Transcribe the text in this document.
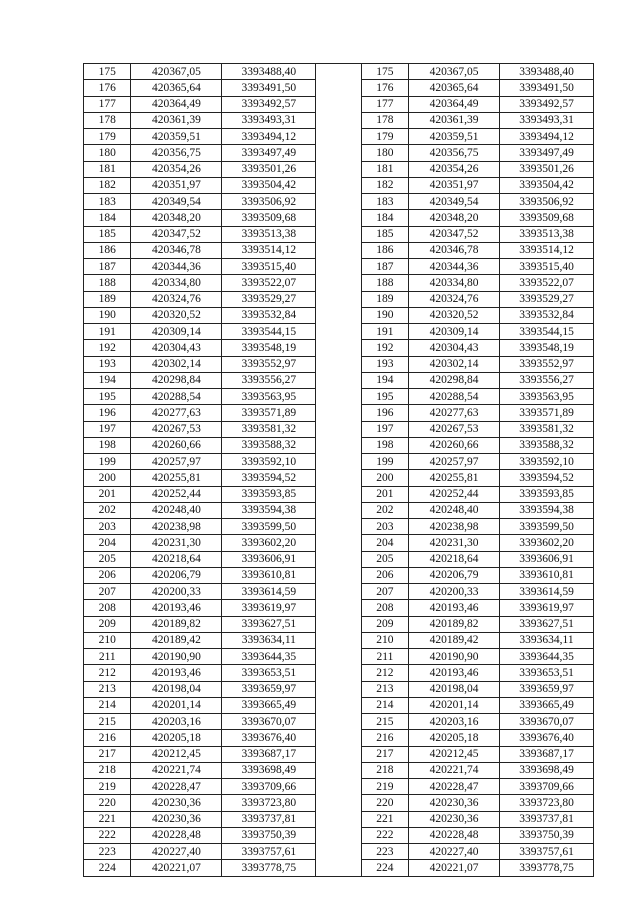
175	420367,05	3393488,40		175	420367,05	3393488,40
176	420365,64	3393491,50		176	420365,64	3393491,50
177	420364,49	3393492,57		177	420364,49	3393492,57
178	420361,39	3393493,31		178	420361,39	3393493,31
179	420359,51	3393494,12		179	420359,51	3393494,12
180	420356,75	3393497,49		180	420356,75	3393497,49
181	420354,26	3393501,26		181	420354,26	3393501,26
182	420351,97	3393504,42		182	420351,97	3393504,42
183	420349,54	3393506,92		183	420349,54	3393506,92
184	420348,20	3393509,68		184	420348,20	3393509,68
185	420347,52	3393513,38		185	420347,52	3393513,38
186	420346,78	3393514,12		186	420346,78	3393514,12
187	420344,36	3393515,40		187	420344,36	3393515,40
188	420334,80	3393522,07		188	420334,80	3393522,07
189	420324,76	3393529,27		189	420324,76	3393529,27
190	420320,52	3393532,84		190	420320,52	3393532,84
191	420309,14	3393544,15		191	420309,14	3393544,15
192	420304,43	3393548,19		192	420304,43	3393548,19
193	420302,14	3393552,97		193	420302,14	3393552,97
194	420298,84	3393556,27		194	420298,84	3393556,27
195	420288,54	3393563,95		195	420288,54	3393563,95
196	420277,63	3393571,89		196	420277,63	3393571,89
197	420267,53	3393581,32		197	420267,53	3393581,32
198	420260,66	3393588,32		198	420260,66	3393588,32
199	420257,97	3393592,10		199	420257,97	3393592,10
200	420255,81	3393594,52		200	420255,81	3393594,52
201	420252,44	3393593,85		201	420252,44	3393593,85
202	420248,40	3393594,38		202	420248,40	3393594,38
203	420238,98	3393599,50		203	420238,98	3393599,50
204	420231,30	3393602,20		204	420231,30	3393602,20
205	420218,64	3393606,91		205	420218,64	3393606,91
206	420206,79	3393610,81		206	420206,79	3393610,81
207	420200,33	3393614,59		207	420200,33	3393614,59
208	420193,46	3393619,97		208	420193,46	3393619,97
209	420189,82	3393627,51		209	420189,82	3393627,51
210	420189,42	3393634,11		210	420189,42	3393634,11
211	420190,90	3393644,35		211	420190,90	3393644,35
212	420193,46	3393653,51		212	420193,46	3393653,51
213	420198,04	3393659,97		213	420198,04	3393659,97
214	420201,14	3393665,49		214	420201,14	3393665,49
215	420203,16	3393670,07		215	420203,16	3393670,07
216	420205,18	3393676,40		216	420205,18	3393676,40
217	420212,45	3393687,17		217	420212,45	3393687,17
218	420221,74	3393698,49		218	420221,74	3393698,49
219	420228,47	3393709,66		219	420228,47	3393709,66
220	420230,36	3393723,80		220	420230,36	3393723,80
221	420230,36	3393737,81		221	420230,36	3393737,81
222	420228,48	3393750,39		222	420228,48	3393750,39
223	420227,40	3393757,61		223	420227,40	3393757,61
224	420221,07	3393778,75		224	420221,07	3393778,75
